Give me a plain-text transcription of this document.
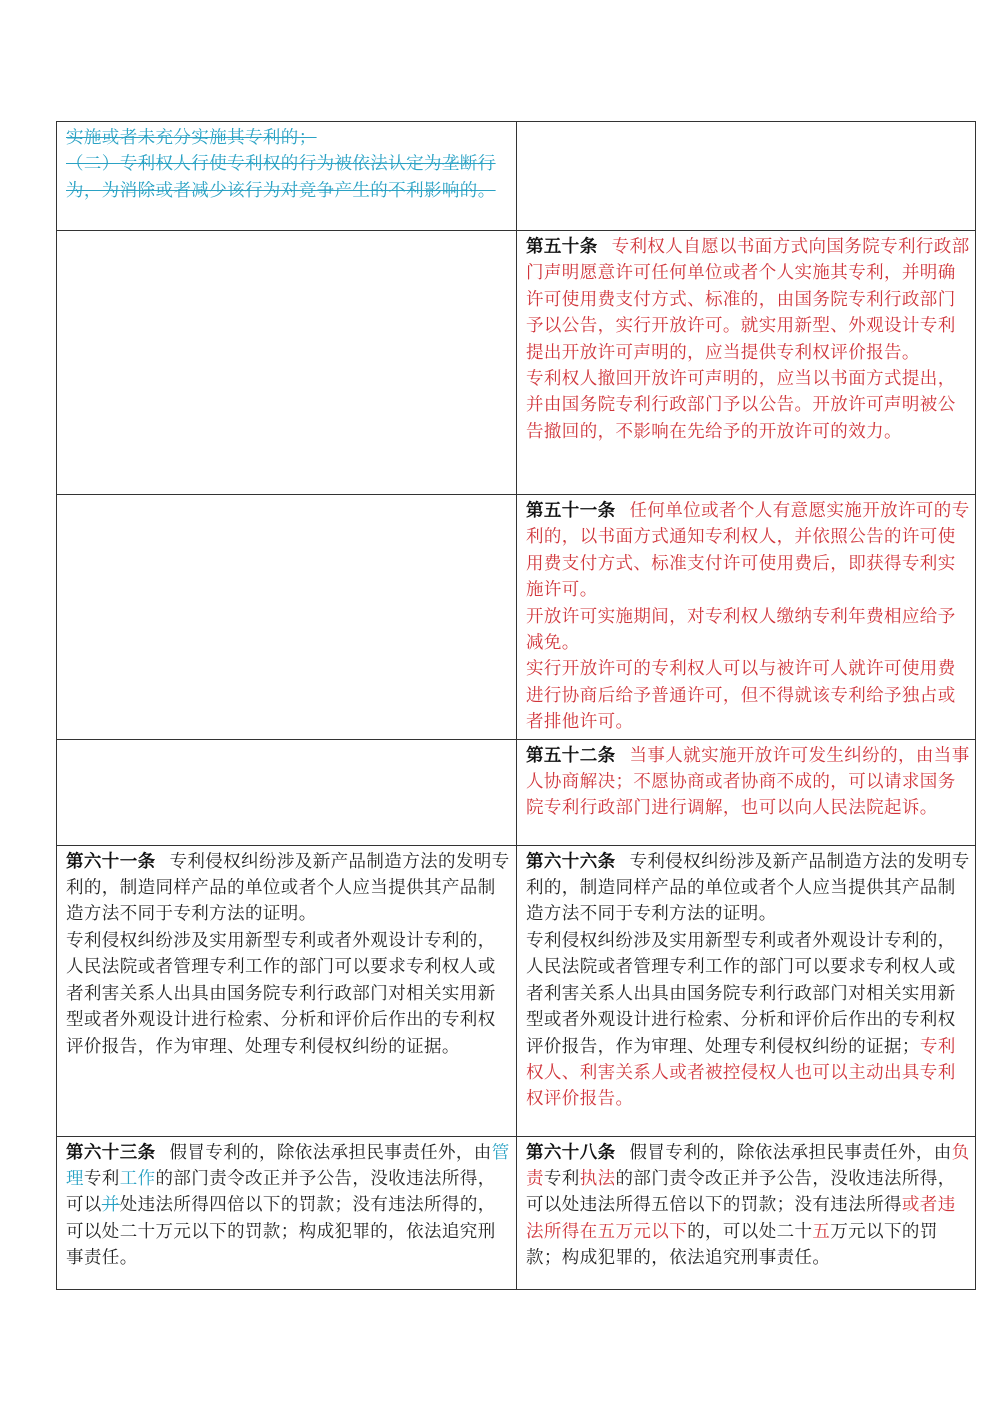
实施或者未充分实施其专利的；
（二）专利权人行使专利权的行为被依法认定为垄断行为，为消除或者减少该行为对竞争产生的不利影响的。	

	第五十条 专利权人自愿以书面方式向国务院专利行政部门声明愿意许可任何单位或者个人实施其专利，并明确许可使用费支付方式、标准的，由国务院专利行政部门予以公告，实行开放许可。就实用新型、外观设计专利提出开放许可声明的，应当提供专利权评价报告。
专利权人撤回开放许可声明的，应当以书面方式提出，并由国务院专利行政部门予以公告。开放许可声明被公告撤回的，不影响在先给予的开放许可的效力。

	第五十一条 任何单位或者个人有意愿实施开放许可的专利的，以书面方式通知专利权人，并依照公告的许可使用费支付方式、标准支付许可使用费后，即获得专利实施许可。
开放许可实施期间，对专利权人缴纳专利年费相应给予减免。
实行开放许可的专利权人可以与被许可人就许可使用费进行协商后给予普通许可，但不得就该专利给予独占或者排他许可。

	第五十二条 当事人就实施开放许可发生纠纷的，由当事人协商解决；不愿协商或者协商不成的，可以请求国务院专利行政部门进行调解，也可以向人民法院起诉。

第六十一条 专利侵权纠纷涉及新产品制造方法的发明专利的，制造同样产品的单位或者个人应当提供其产品制造方法不同于专利方法的证明。
专利侵权纠纷涉及实用新型专利或者外观设计专利的，人民法院或者管理专利工作的部门可以要求专利权人或者利害关系人出具由国务院专利行政部门对相关实用新型或者外观设计进行检索、分析和评价后作出的专利权评价报告，作为审理、处理专利侵权纠纷的证据。	第六十六条 专利侵权纠纷涉及新产品制造方法的发明专利的，制造同样产品的单位或者个人应当提供其产品制造方法不同于专利方法的证明。
专利侵权纠纷涉及实用新型专利或者外观设计专利的，人民法院或者管理专利工作的部门可以要求专利权人或者利害关系人出具由国务院专利行政部门对相关实用新型或者外观设计进行检索、分析和评价后作出的专利权评价报告，作为审理、处理专利侵权纠纷的证据；专利权人、利害关系人或者被控侵权人也可以主动出具专利权评价报告。

第六十三条 假冒专利的，除依法承担民事责任外，由管理专利工作的部门责令改正并予公告，没收违法所得，可以并处违法所得四倍以下的罚款；没有违法所得的，可以处二十万元以下的罚款；构成犯罪的，依法追究刑事责任。	第六十八条 假冒专利的，除依法承担民事责任外，由负责专利执法的部门责令改正并予公告，没收违法所得，可以处违法所得五倍以下的罚款；没有违法所得或者违法所得在五万元以下的，可以处二十五万元以下的罚款；构成犯罪的，依法追究刑事责任。
